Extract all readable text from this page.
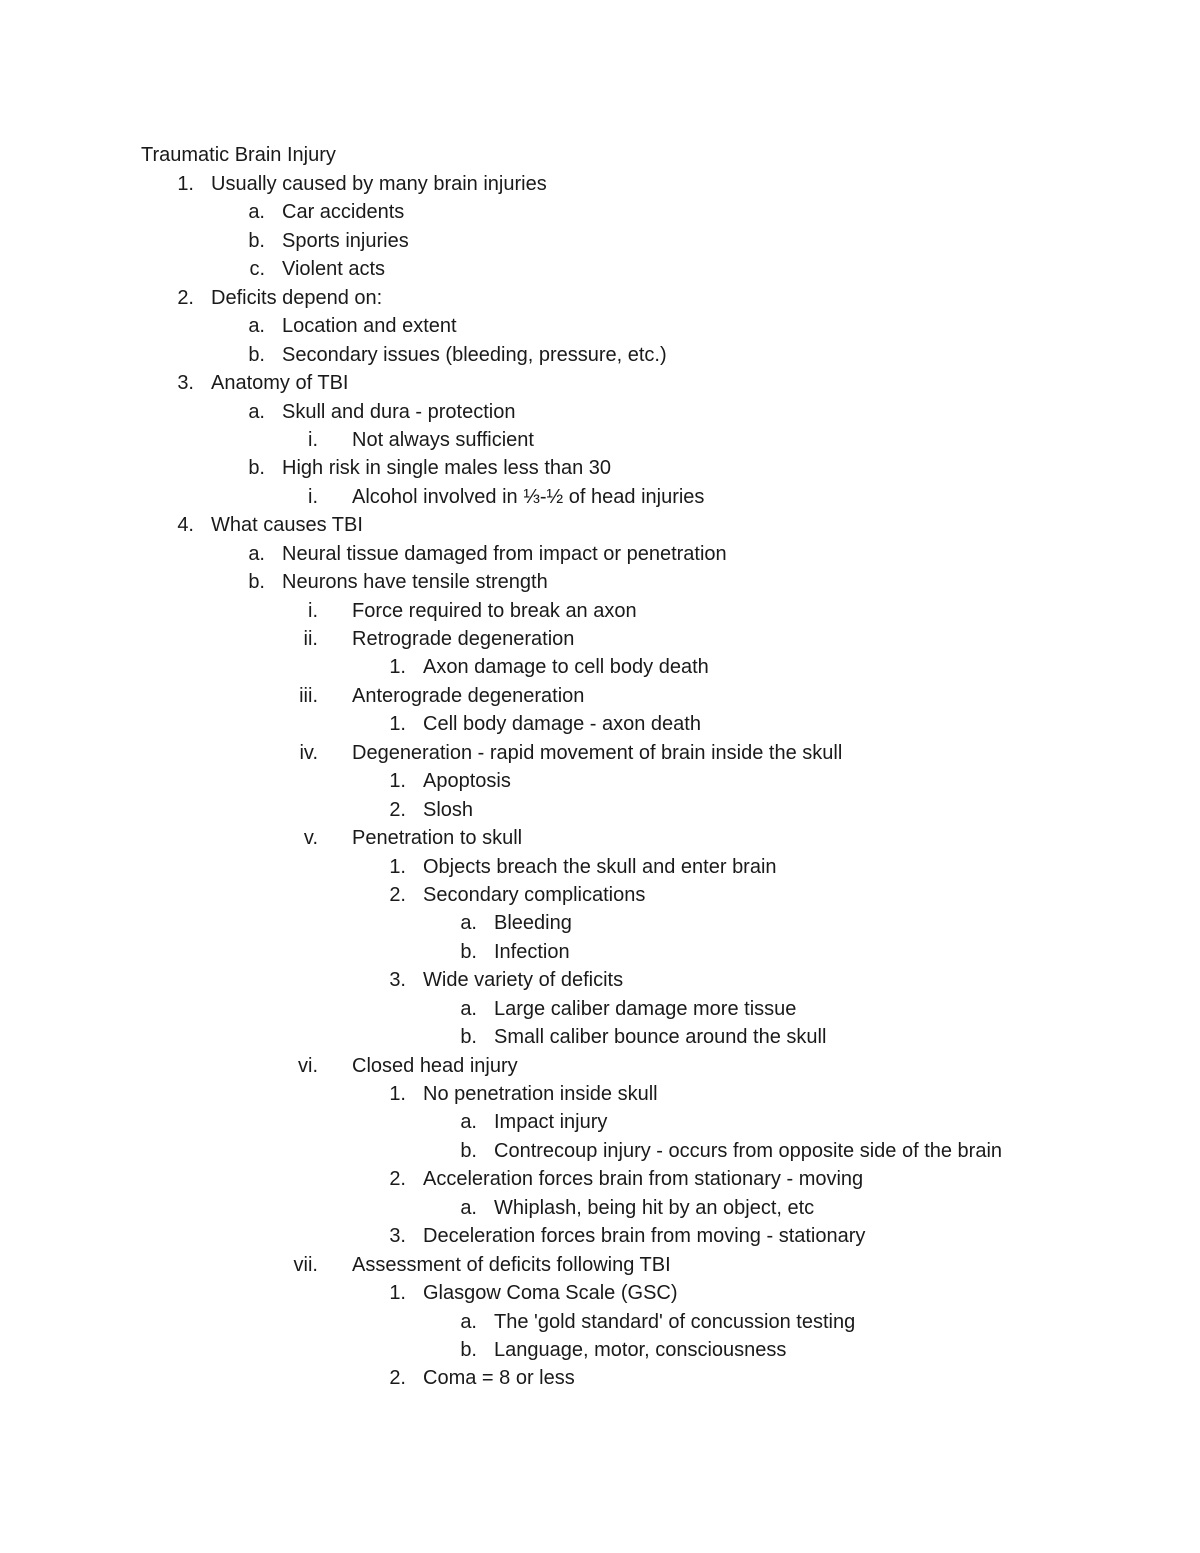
Traumatic Brain Injury
1. Usually caused by many brain injuries
a. Car accidents
b. Sports injuries
c. Violent acts
2. Deficits depend on:
a. Location and extent
b. Secondary issues (bleeding, pressure, etc.)
3. Anatomy of TBI
a. Skull and dura - protection
i. Not always sufficient
b. High risk in single males less than 30
i. Alcohol involved in ⅓-½ of head injuries
4. What causes TBI
a. Neural tissue damaged from impact or penetration
b. Neurons have tensile strength
i. Force required to break an axon
ii. Retrograde degeneration
1. Axon damage to cell body death
iii. Anterograde degeneration
1. Cell body damage - axon death
iv. Degeneration - rapid movement of brain inside the skull
1. Apoptosis
2. Slosh
v. Penetration to skull
1. Objects breach the skull and enter brain
2. Secondary complications
a. Bleeding
b. Infection
3. Wide variety of deficits
a. Large caliber damage more tissue
b. Small caliber bounce around the skull
vi. Closed head injury
1. No penetration inside skull
a. Impact injury
b. Contrecoup injury - occurs from opposite side of the brain
2. Acceleration forces brain from stationary - moving
a. Whiplash, being hit by an object, etc
3. Deceleration forces brain from moving - stationary
vii. Assessment of deficits following TBI
1. Glasgow Coma Scale (GSC)
a. The 'gold standard' of concussion testing
b. Language, motor, consciousness
2. Coma = 8 or less
